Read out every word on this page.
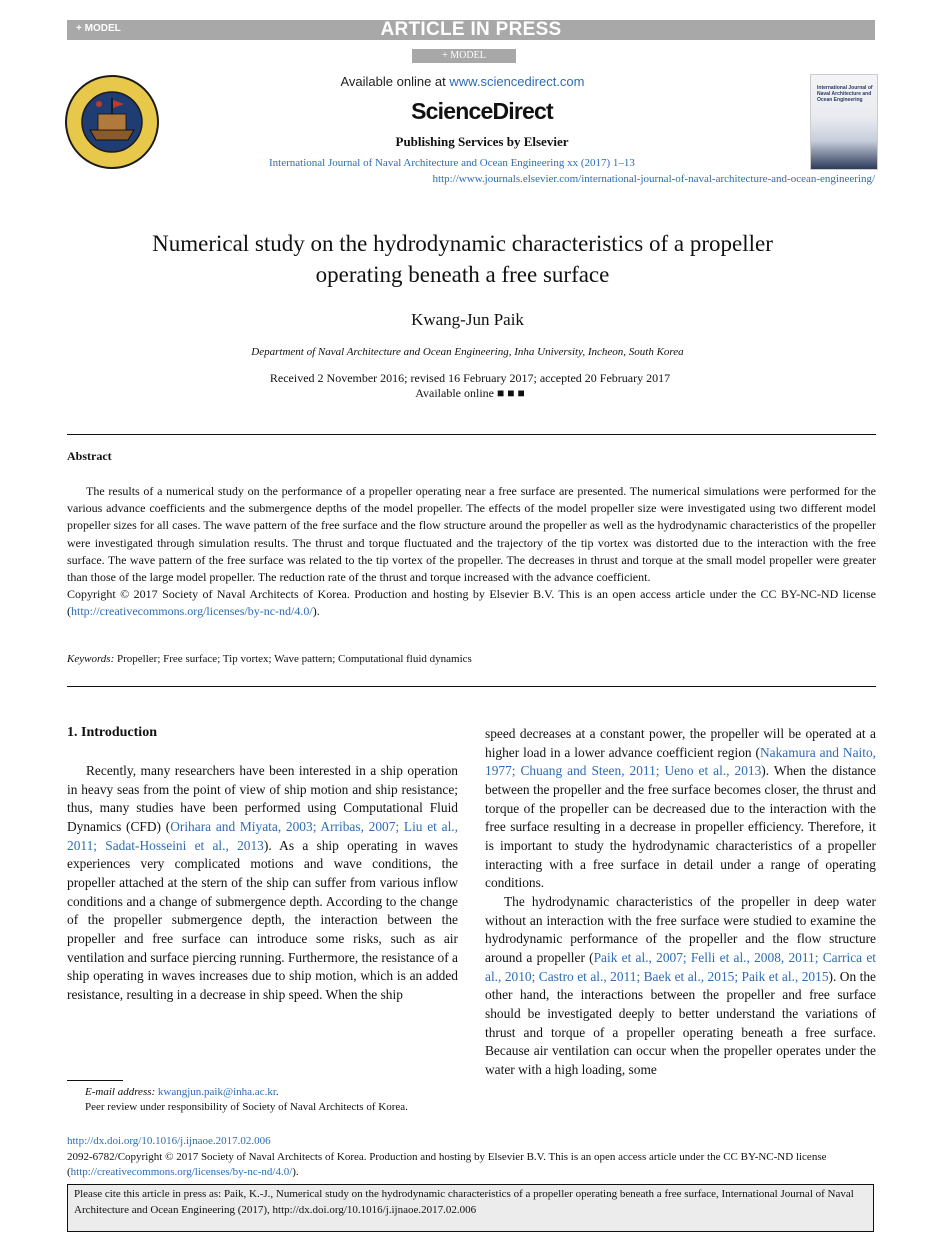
+ MODEL	ARTICLE IN PRESS
+ MODEL
Available online at www.sciencedirect.com
ScienceDirect
Publishing Services by Elsevier
International Journal of Naval Architecture and Ocean Engineering xx (2017) 1–13
http://www.journals.elsevier.com/international-journal-of-naval-architecture-and-ocean-engineering/
International Journal of Naval Architecture and Ocean Engineering
Numerical study on the hydrodynamic characteristics of a propeller
operating beneath a free surface
Kwang-Jun Paik
Department of Naval Architecture and Ocean Engineering, Inha University, Incheon, South Korea
Received 2 November 2016; revised 16 February 2017; accepted 20 February 2017
Available online ■ ■ ■
Abstract

The results of a numerical study on the performance of a propeller operating near a free surface are presented. The numerical simulations were performed for the various advance coefficients and the submergence depths of the model propeller. The effects of the model propeller size were investigated using two different model propeller sizes for all cases. The wave pattern of the free surface and the flow structure around the propeller as well as the hydrodynamic characteristics of the propeller were investigated through simulation results. The thrust and torque fluctuated and the trajectory of the tip vortex was distorted due to the interaction with the free surface. The wave pattern of the free surface was related to the tip vortex of the propeller. The decreases in thrust and torque at the small model propeller were greater than those of the large model propeller. The reduction rate of the thrust and torque increased with the advance coefficient.

Copyright © 2017 Society of Naval Architects of Korea. Production and hosting by Elsevier B.V. This is an open access article under the CC BY-NC-ND license (http://creativecommons.org/licenses/by-nc-nd/4.0/).

Keywords: Propeller; Free surface; Tip vortex; Wave pattern; Computational fluid dynamics
1. Introduction

Recently, many researchers have been interested in a ship operation in heavy seas from the point of view of ship motion and ship resistance; thus, many studies have been performed using Computational Fluid Dynamics (CFD) (Orihara and Miyata, 2003; Arribas, 2007; Liu et al., 2011; Sadat-Hosseini et al., 2013). As a ship operating in waves experiences very complicated motions and wave conditions, the propeller attached at the stern of the ship can suffer from various inflow conditions and a change of submergence depth. According to the change of the propeller submergence depth, the interaction between the propeller and free surface can introduce some risks, such as air ventilation and surface piercing running. Furthermore, the resistance of a ship operating in waves increases due to ship motion, which is an added resistance, resulting in a decrease in ship speed. When the ship

speed decreases at a constant power, the propeller will be operated at a higher load in a lower advance coefficient region (Nakamura and Naito, 1977; Chuang and Steen, 2011; Ueno et al., 2013). When the distance between the propeller and the free surface becomes closer, the thrust and torque of the propeller can be decreased due to the interaction with the free surface resulting in a decrease in propeller efficiency. Therefore, it is important to study the hydrodynamic characteristics of a propeller interacting with a free surface in detail under a range of operating conditions.

The hydrodynamic characteristics of the propeller in deep water without an interaction with the free surface were studied to examine the hydrodynamic performance of the propeller and the flow structure around a propeller (Paik et al., 2007; Felli et al., 2008, 2011; Carrica et al., 2010; Castro et al., 2011; Baek et al., 2015; Paik et al., 2015). On the other hand, the interactions between the propeller and free surface should be investigated deeply to better understand the variations of thrust and torque of a propeller operating beneath a free surface. Because air ventilation can occur when the propeller operates under the water with a high loading, some

E-mail address: kwangjun.paik@inha.ac.kr.
Peer review under responsibility of Society of Naval Architects of Korea.
http://dx.doi.org/10.1016/j.ijnaoe.2017.02.006
2092-6782/Copyright © 2017 Society of Naval Architects of Korea. Production and hosting by Elsevier B.V. This is an open access article under the CC BY-NC-ND license (http://creativecommons.org/licenses/by-nc-nd/4.0/).
Please cite this article in press as: Paik, K.-J., Numerical study on the hydrodynamic characteristics of a propeller operating beneath a free surface, International Journal of Naval Architecture and Ocean Engineering (2017), http://dx.doi.org/10.1016/j.ijnaoe.2017.02.006
